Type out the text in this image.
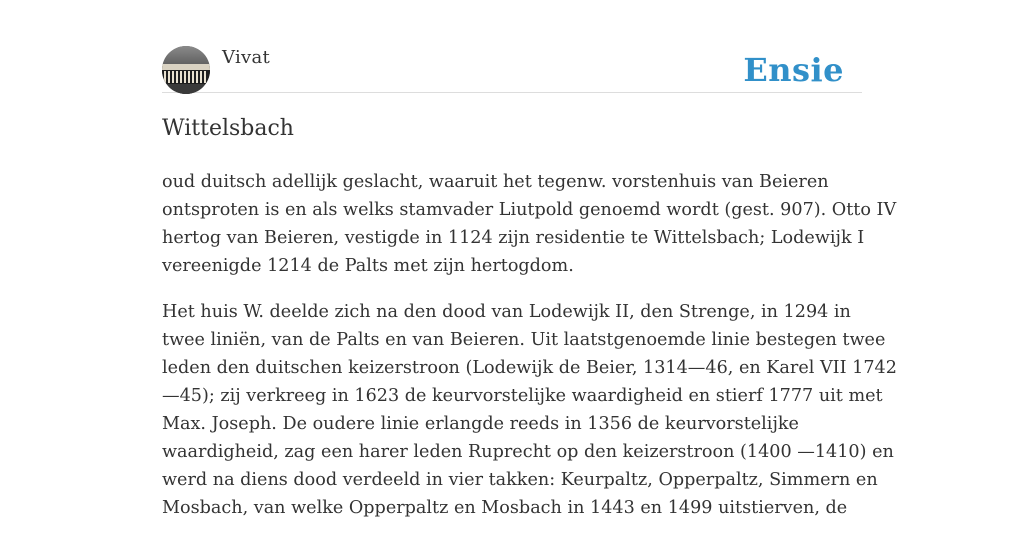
Vivat	Ensie
Wittelsbach

oud duitsch adellijk geslacht, waaruit het tegenw. vorstenhuis van Beieren
ontsproten is en als welks stamvader Liutpold genoemd wordt (gest. 907). Otto IV
hertog van Beieren, vestigde in 1124 zijn residentie te Wittelsbach; Lodewijk I
vereenigde 1214 de Palts met zijn hertogdom.

Het huis W. deelde zich na den dood van Lodewijk II, den Strenge, in 1294 in
twee liniën, van de Palts en van Beieren. Uit laatstgenoemde linie bestegen twee
leden den duitschen keizerstroon (Lodewijk de Beier, 1314—46, en Karel VII 1742
—45); zij verkreeg in 1623 de keurvorstelijke waardigheid en stierf 1777 uit met
Max. Joseph. De oudere linie erlangde reeds in 1356 de keurvorstelijke
waardigheid, zag een harer leden Ruprecht op den keizerstroon (1400 —1410) en
werd na diens dood verdeeld in vier takken: Keurpaltz, Opperpaltz, Simmern en
Mosbach, van welke Opperpaltz en Mosbach in 1443 en 1499 uitstierven, de
